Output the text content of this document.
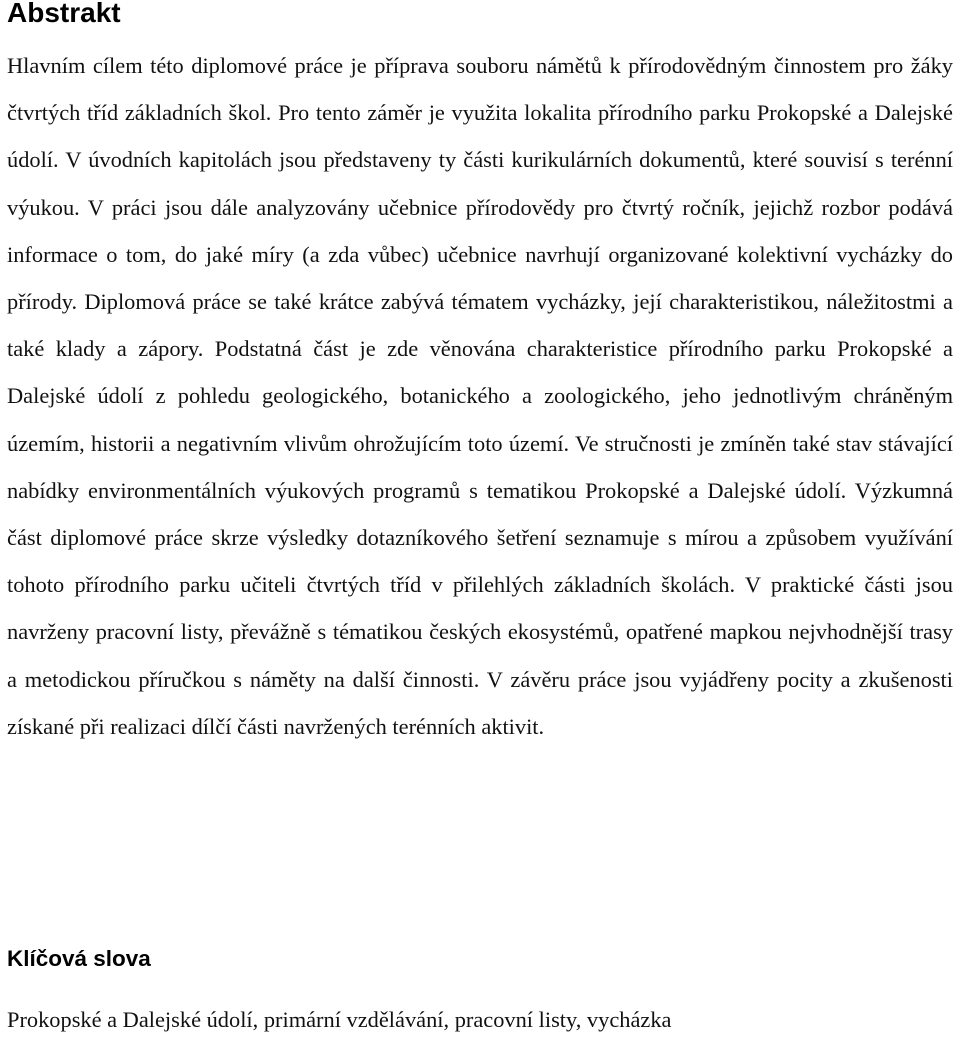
Abstrakt

Hlavním cílem této diplomové práce je příprava souboru námětů k přírodovědným činnostem pro žáky čtvrtých tříd základních škol. Pro tento záměr je využita lokalita přírodního parku Prokopské a Dalejské údolí. V úvodních kapitolách jsou představeny ty části kurikulárních dokumentů, které souvisí s terénní výukou. V práci jsou dále analyzovány učebnice přírodovědy pro čtvrtý ročník, jejichž rozbor podává informace o tom, do jaké míry (a zda vůbec) učebnice navrhují organizované kolektivní vycházky do přírody. Diplomová práce se také krátce zabývá tématem vycházky, její charakteristikou, náležitostmi a také klady a zápory. Podstatná část je zde věnována charakteristice přírodního parku Prokopské a Dalejské údolí z pohledu geologického, botanického a zoologického, jeho jednotlivým chráněným územím, historii a negativním vlivům ohrožujícím toto území. Ve stručnosti je zmíněn také stav stávající nabídky environmentálních výukových programů s tematikou Prokopské a Dalejské údolí. Výzkumná část diplomové práce skrze výsledky dotazníkového šetření seznamuje s mírou a způsobem využívání tohoto přírodního parku učiteli čtvrtých tříd v přilehlých základních školách. V praktické části jsou navrženy pracovní listy, převážně s tématikou českých ekosystémů, opatřené mapkou nejvhodnější trasy a metodickou příručkou s náměty na další činnosti. V závěru práce jsou vyjádřeny pocity a zkušenosti získané při realizaci dílčí části navržených terénních aktivit.

Klíčová slova

Prokopské a Dalejské údolí, primární vzdělávání, pracovní listy, vycházka
